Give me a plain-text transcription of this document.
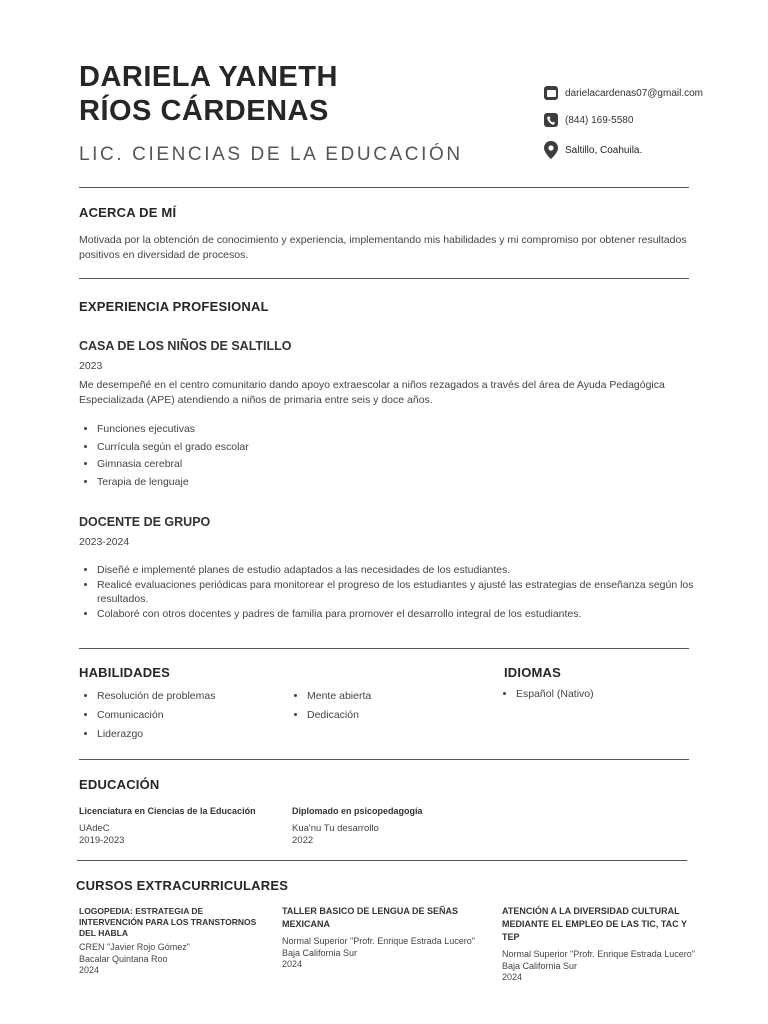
DARIELA YANETH
RÍOS CÁRDENAS
LIC. CIENCIAS DE LA EDUCACIÓN
darielacardenas07@gmail.com
(844) 169-5580
Saltillo, Coahuila.
ACERCA DE MÍ

Motivada por la obtención de conocimiento y experiencia, implementando mis habilidades y mi compromiso por obtener resultados positivos en diversidad de procesos.

EXPERIENCIA PROFESIONAL
CASA DE LOS NIÑOS DE SALTILLO
2023

Me desempeñé en el centro comunitario dando apoyo extraescolar a niños rezagados a través del área de Ayuda Pedagógica Especializada (APE) atendiendo a niños de primaria entre seis y doce años.

• Funciones ejecutivas
• Currícula según el grado escolar
• Gimnasia cerebral
• Terapia de lenguaje
DOCENTE DE GRUPO
2023-2024
• Diseñé e implementé planes de estudio adaptados a las necesidades de los estudiantes.
• Realicé evaluaciones periódicas para monitorear el progreso de los estudiantes y ajusté las estrategias de enseñanza según los resultados.
• Colaboré con otros docentes y padres de familia para promover el desarrollo integral de los estudiantes.
HABILIDADES
• Resolución de problemas
• Comunicación
• Liderazgo
• Mente abierta
• Dedicación
IDIOMAS
• Español (Nativo)
EDUCACIÓN

Licenciatura en Ciencias de la Educación

UAdeC

2019-2023

Diplomado en psicopedagogía

Kua'nu Tu desarrollo

2022

CURSOS EXTRACURRICULARES

LOGOPEDIA: ESTRATEGIA DE INTERVENCIÓN PARA LOS TRANSTORNOS DEL HABLA

CREN "Javier Rojo Gómez"

Bacalar Quintana Roo

2024

TALLER BASICO DE LENGUA DE SEÑAS MEXICANA

Normal Superior "Profr. Enrique Estrada Lucero"

Baja California Sur

2024

ATENCIÓN A LA DIVERSIDAD CULTURAL MEDIANTE EL EMPLEO DE LAS TIC, TAC Y TEP

Normal Superior "Profr. Enrique Estrada Lucero"

Baja California Sur

2024
